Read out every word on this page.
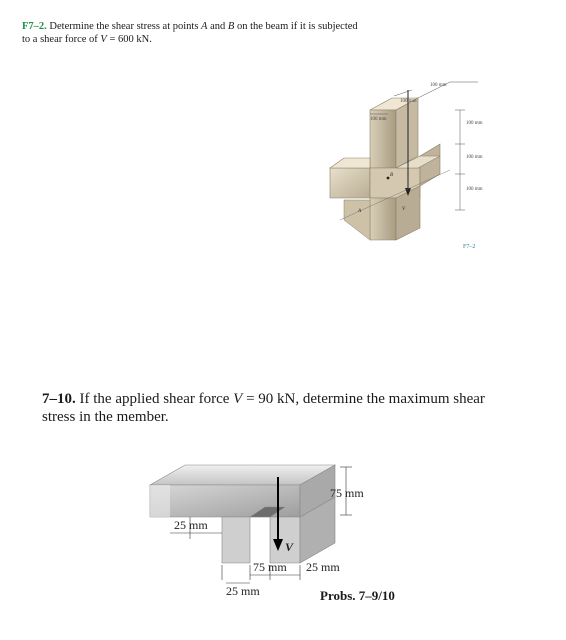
F7–2. Determine the shear stress at points A and B on the beam if it is subjected to a shear force of V = 600 kN.
100 mm
100 mm
100 mm
100 mm
100 mm
100 mm
B
A	V
F7–2
7–10. If the applied shear force V = 90 kN, determine the maximum shear stress in the member.
75 mm
25 mm
V
75 mm 25 mm
25 mm	Probs. 7–9/10
